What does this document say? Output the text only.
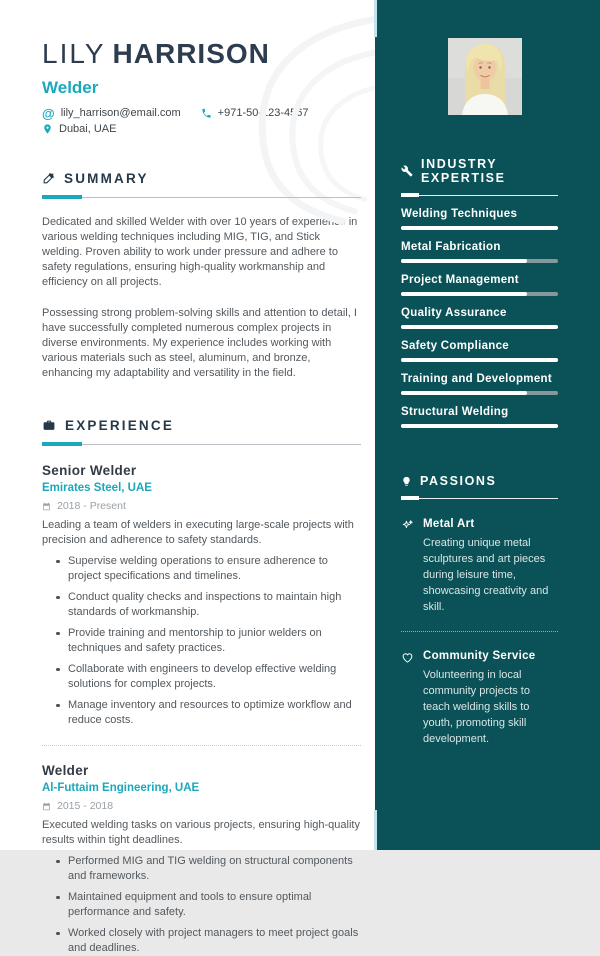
LILY HARRISON
Welder
@ lily_harrison@email.com	+971-50-123-4567
Dubai, UAE
SUMMARY

Dedicated and skilled Welder with over 10 years of experience in various welding techniques including MIG, TIG, and Stick welding. Proven ability to work under pressure and adhere to safety regulations, ensuring high-quality workmanship and efficiency on all projects.

Possessing strong problem-solving skills and attention to detail, I have successfully completed numerous complex projects in diverse environments. My experience includes working with various materials such as steel, aluminum, and bronze, enhancing my adaptability and versatility in the field.

EXPERIENCE
Senior Welder
Emirates Steel, UAE
2018 - Present
Leading a team of welders in executing large-scale projects with precision and adherence to safety standards.
Supervise welding operations to ensure adherence to project specifications and timelines.
Conduct quality checks and inspections to maintain high standards of workmanship.
Provide training and mentorship to junior welders on techniques and safety practices.
Collaborate with engineers to develop effective welding solutions for complex projects.
Manage inventory and resources to optimize workflow and reduce costs.
Welder
Al-Futtaim Engineering, UAE
2015 - 2018
Executed welding tasks on various projects, ensuring high-quality results within tight deadlines.
Performed MIG and TIG welding on structural components and frameworks.
Maintained equipment and tools to ensure optimal performance and safety.
Worked closely with project managers to meet project goals and deadlines.
INDUSTRY EXPERTISE
Welding Techniques
Metal Fabrication
Project Management
Quality Assurance
Safety Compliance
Training and Development
Structural Welding
PASSIONS
Metal Art
Creating unique metal sculptures and art pieces during leisure time, showcasing creativity and skill.
Community Service
Volunteering in local community projects to teach welding skills to youth, promoting skill development.
